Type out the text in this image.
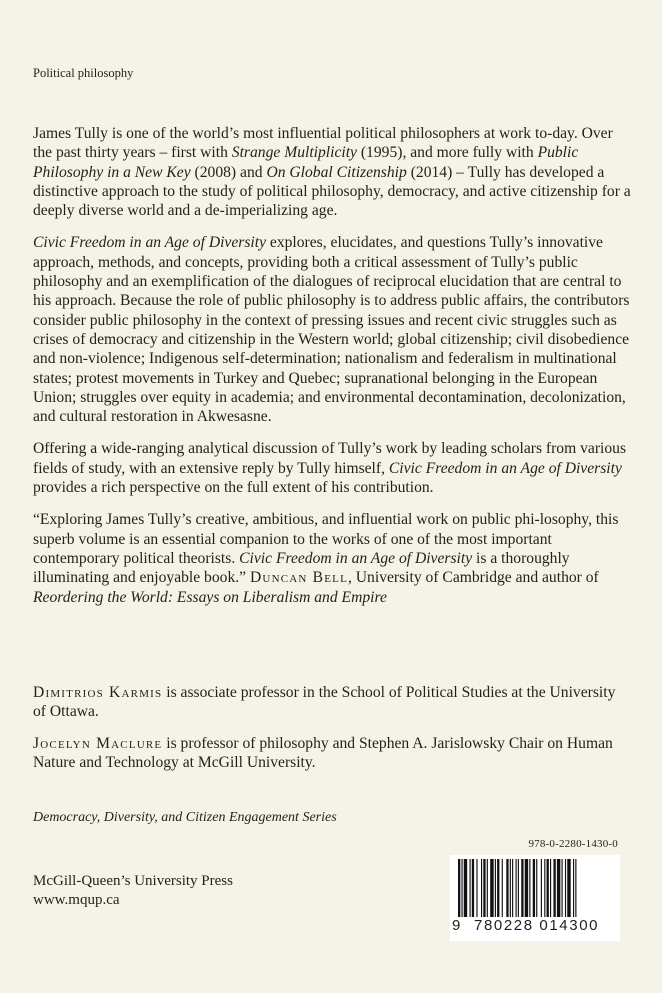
Political philosophy

James Tully is one of the world’s most influential political philosophers at work to-day. Over the past thirty years – first with Strange Multiplicity (1995), and more fully with Public Philosophy in a New Key (2008) and On Global Citizenship (2014) – Tully has developed a distinctive approach to the study of political philosophy, democracy, and active citizenship for a deeply diverse world and a de-imperializing age.

Civic Freedom in an Age of Diversity explores, elucidates, and questions Tully’s innovative approach, methods, and concepts, providing both a critical assessment of Tully’s public philosophy and an exemplification of the dialogues of reciprocal elucidation that are central to his approach. Because the role of public philosophy is to address public affairs, the contributors consider public philosophy in the context of pressing issues and recent civic struggles such as crises of democracy and citizenship in the Western world; global citizenship; civil disobedience and non-violence; Indigenous self-determination; nationalism and federalism in multinational states; protest movements in Turkey and Quebec; supranational belonging in the European Union; struggles over equity in academia; and environmental decontamination, decolonization, and cultural restoration in Akwesasne.

Offering a wide-ranging analytical discussion of Tully’s work by leading scholars from various fields of study, with an extensive reply by Tully himself, Civic Freedom in an Age of Diversity provides a rich perspective on the full extent of his contribution.

“Exploring James Tully’s creative, ambitious, and influential work on public phi-losophy, this superb volume is an essential companion to the works of one of the most important contemporary political theorists. Civic Freedom in an Age of Diversity is a thoroughly illuminating and enjoyable book.” Duncan Bell, University of Cambridge and author of Reordering the World: Essays on Liberalism and Empire

Dimitrios Karmis is associate professor in the School of Political Studies at the University of Ottawa.

Jocelyn Maclure is professor of philosophy and Stephen A. Jarislowsky Chair on Human Nature and Technology at McGill University.

Democracy, Diversity, and Citizen Engagement Series
978-0-2280-1430-0
McGill-Queen’s University Press
www.mqup.ca
9 780228 014300
